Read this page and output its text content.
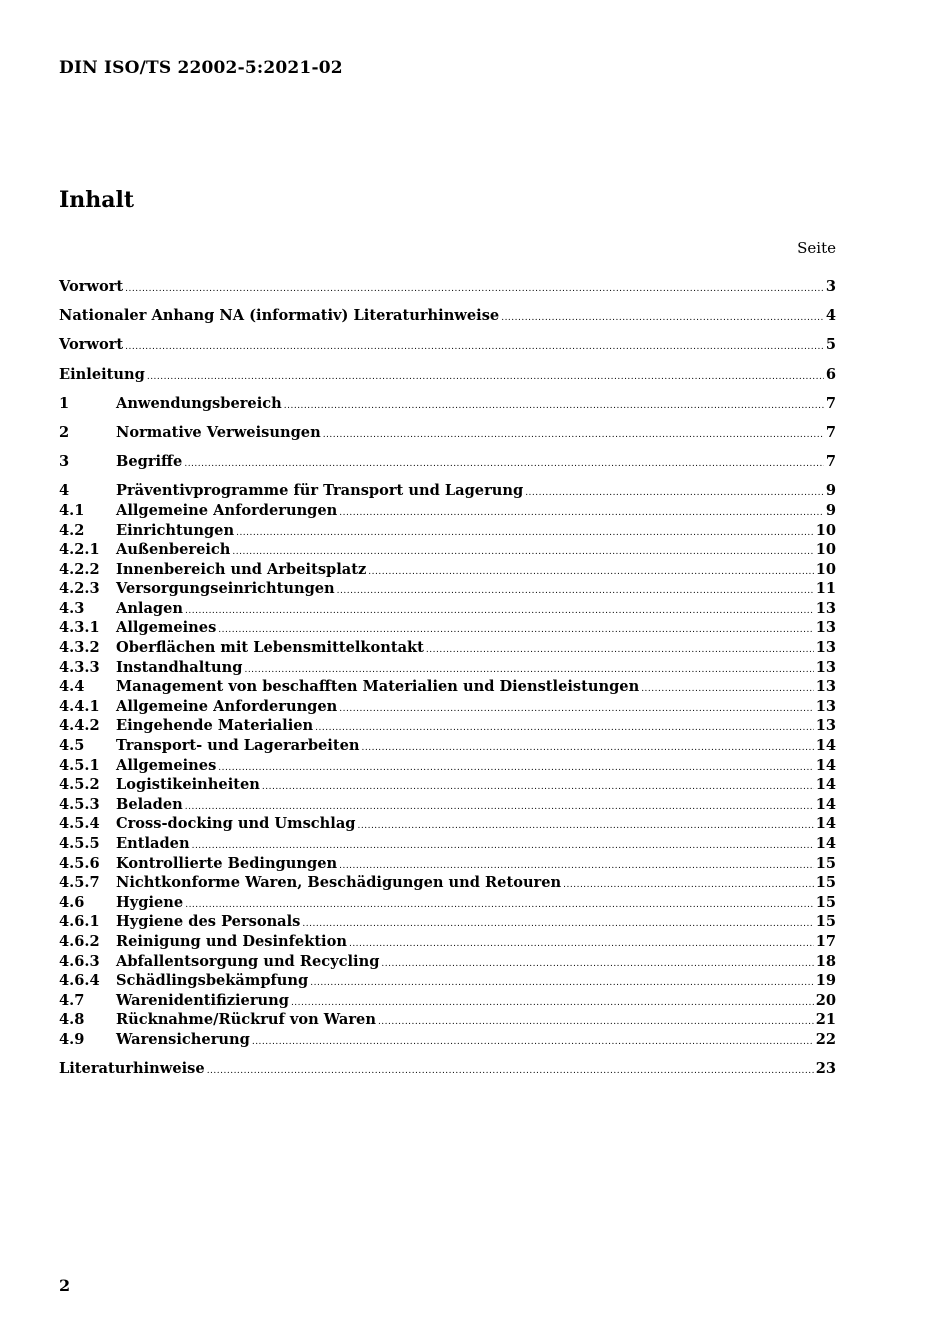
DIN ISO/TS 22002-5:2021-02
Inhalt
Seite
Vorwort .....	3
Nationaler Anhang NA (informativ) Literaturhinweise .....	4
Vorwort .....	5
Einleitung .....	6
1	Anwendungsbereich .....	7
2	Normative Verweisungen .....	7
3	Begriffe .....	7
4	Präventivprogramme für Transport und Lagerung .....	9
4.1	Allgemeine Anforderungen .....	9
4.2	Einrichtungen .....	10
4.2.1	Außenbereich .....	10
4.2.2	Innenbereich und Arbeitsplatz .....	10
4.2.3	Versorgungseinrichtungen .....	11
4.3	Anlagen .....	13
4.3.1	Allgemeines .....	13
4.3.2	Oberflächen mit Lebensmittelkontakt .....	13
4.3.3	Instandhaltung .....	13
4.4	Management von beschafften Materialien und Dienstleistungen .....	13
4.4.1	Allgemeine Anforderungen .....	13
4.4.2	Eingehende Materialien .....	13
4.5	Transport- und Lagerarbeiten .....	14
4.5.1	Allgemeines .....	14
4.5.2	Logistikeinheiten .....	14
4.5.3	Beladen .....	14
4.5.4	Cross-docking und Umschlag .....	14
4.5.5	Entladen .....	14
4.5.6	Kontrollierte Bedingungen .....	15
4.5.7	Nichtkonforme Waren, Beschädigungen und Retouren .....	15
4.6	Hygiene .....	15
4.6.1	Hygiene des Personals .....	15
4.6.2	Reinigung und Desinfektion .....	17
4.6.3	Abfallentsorgung und Recycling .....	18
4.6.4	Schädlingsbekämpfung .....	19
4.7	Warenidentifizierung .....	20
4.8	Rücknahme/Rückruf von Waren .....	21
4.9	Warensicherung .....	22
Literaturhinweise .....	23
2
